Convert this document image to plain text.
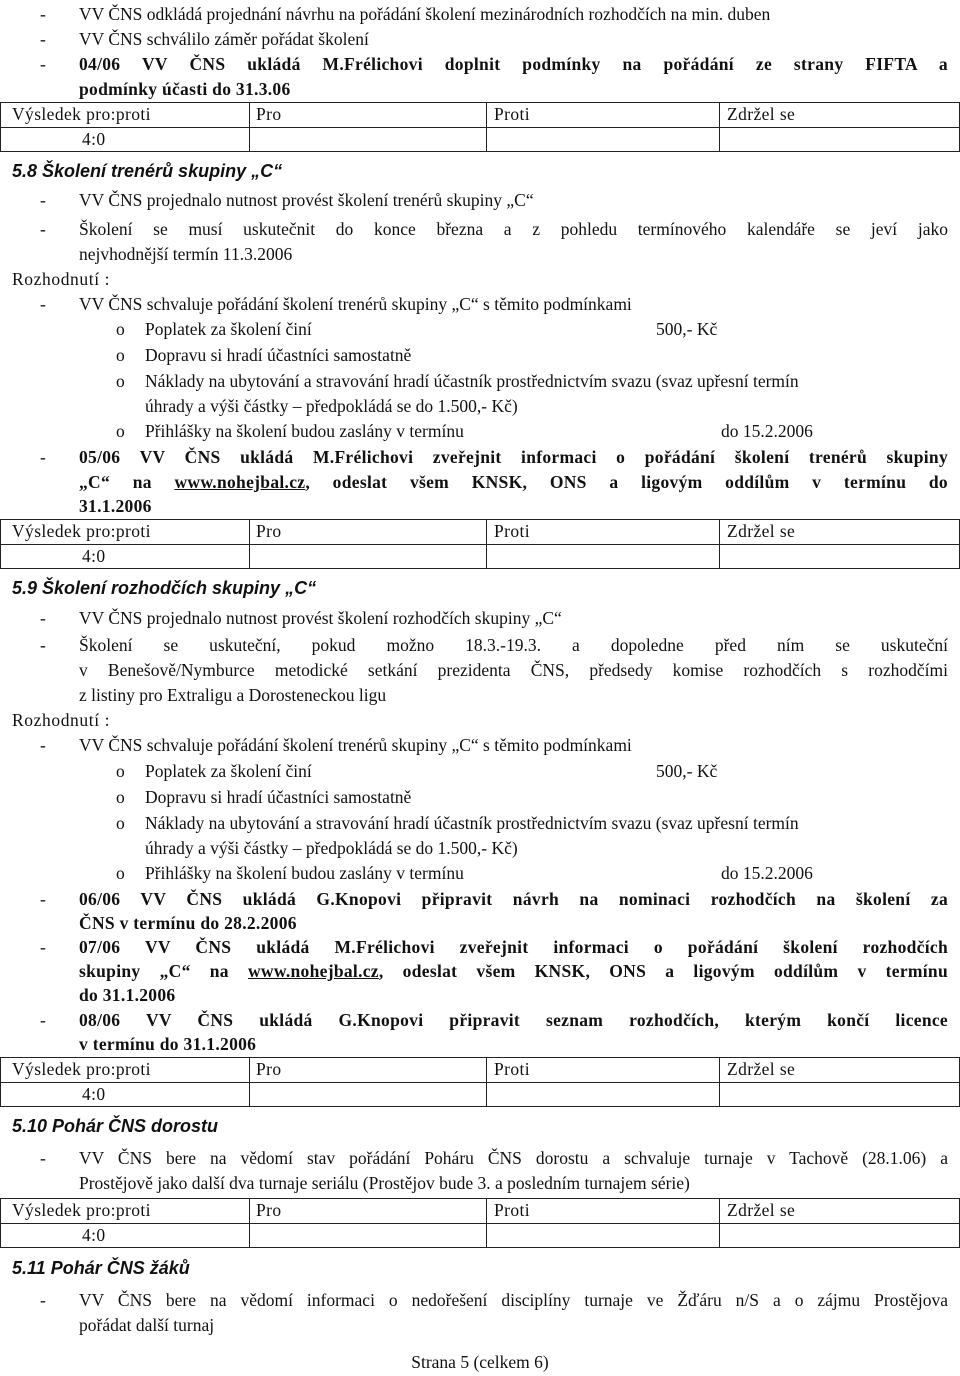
- VV ČNS odkládá projednání návrhu na pořádání školení mezinárodních rozhodčích na min. duben
- VV ČNS schválilo záměr pořádat školení
- 04/06 VV ČNS ukládá M.Frélichovi doplnit podmínky na pořádání ze strany FIFTA a
podmínky účasti do 31.3.06
Výsledek pro:proti	Pro	Proti	Zdržel se
4:0
5.8 Školení trenérů skupiny „C“
- VV ČNS projednalo nutnost provést školení trenérů skupiny „C“
- Školení se musí uskutečnit do konce března a z pohledu termínového kalendáře se jeví jako
nejvhodnější termín 11.3.2006
Rozhodnutí :
- VV ČNS schvaluje pořádání školení trenérů skupiny „C“ s těmito podmínkami
o Poplatek za školení činí	500,- Kč
o Dopravu si hradí účastníci samostatně
o Náklady na ubytování a stravování hradí účastník prostřednictvím svazu (svaz upřesní termín
úhrady a výši částky – předpokládá se do 1.500,- Kč)
o Přihlášky na školení budou zaslány v termínu	do 15.2.2006
- 05/06 VV ČNS ukládá M.Frélichovi zveřejnit informaci o pořádání školení trenérů skupiny
„C“ na www.nohejbal.cz, odeslat všem KNSK, ONS a ligovým oddílům v termínu do
31.1.2006
Výsledek pro:proti	Pro	Proti	Zdržel se
4:0
5.9 Školení rozhodčích skupiny „C“
- VV ČNS projednalo nutnost provést školení rozhodčích skupiny „C“
- Školení se uskuteční, pokud možno 18.3.-19.3. a dopoledne před ním se uskuteční
v Benešově/Nymburce metodické setkání prezidenta ČNS, předsedy komise rozhodčích s rozhodčími
z listiny pro Extraligu a Dorosteneckou ligu
Rozhodnutí :
- VV ČNS schvaluje pořádání školení trenérů skupiny „C“ s těmito podmínkami
o Poplatek za školení činí	500,- Kč
o Dopravu si hradí účastníci samostatně
o Náklady na ubytování a stravování hradí účastník prostřednictvím svazu (svaz upřesní termín
úhrady a výši částky – předpokládá se do 1.500,- Kč)
o Přihlášky na školení budou zaslány v termínu	do 15.2.2006
- 06/06 VV ČNS ukládá G.Knopovi připravit návrh na nominaci rozhodčích na školení za
ČNS v termínu do 28.2.2006
- 07/06 VV ČNS ukládá M.Frélichovi zveřejnit informaci o pořádání školení rozhodčích
skupiny „C“ na www.nohejbal.cz, odeslat všem KNSK, ONS a ligovým oddílům v termínu
do 31.1.2006
- 08/06 VV ČNS ukládá G.Knopovi připravit seznam rozhodčích, kterým končí licence
v termínu do 31.1.2006
Výsledek pro:proti	Pro	Proti	Zdržel se
4:0
5.10 Pohár ČNS dorostu
- VV ČNS bere na vědomí stav pořádání Poháru ČNS dorostu a schvaluje turnaje v Tachově (28.1.06) a
Prostějově jako další dva turnaje seriálu (Prostějov bude 3. a posledním turnajem série)
Výsledek pro:proti	Pro	Proti	Zdržel se
4:0
5.11 Pohár ČNS žáků
- VV ČNS bere na vědomí informaci o nedořešení disciplíny turnaje ve Žďáru n/S a o zájmu Prostějova
pořádat další turnaj
Strana 5 (celkem 6)
